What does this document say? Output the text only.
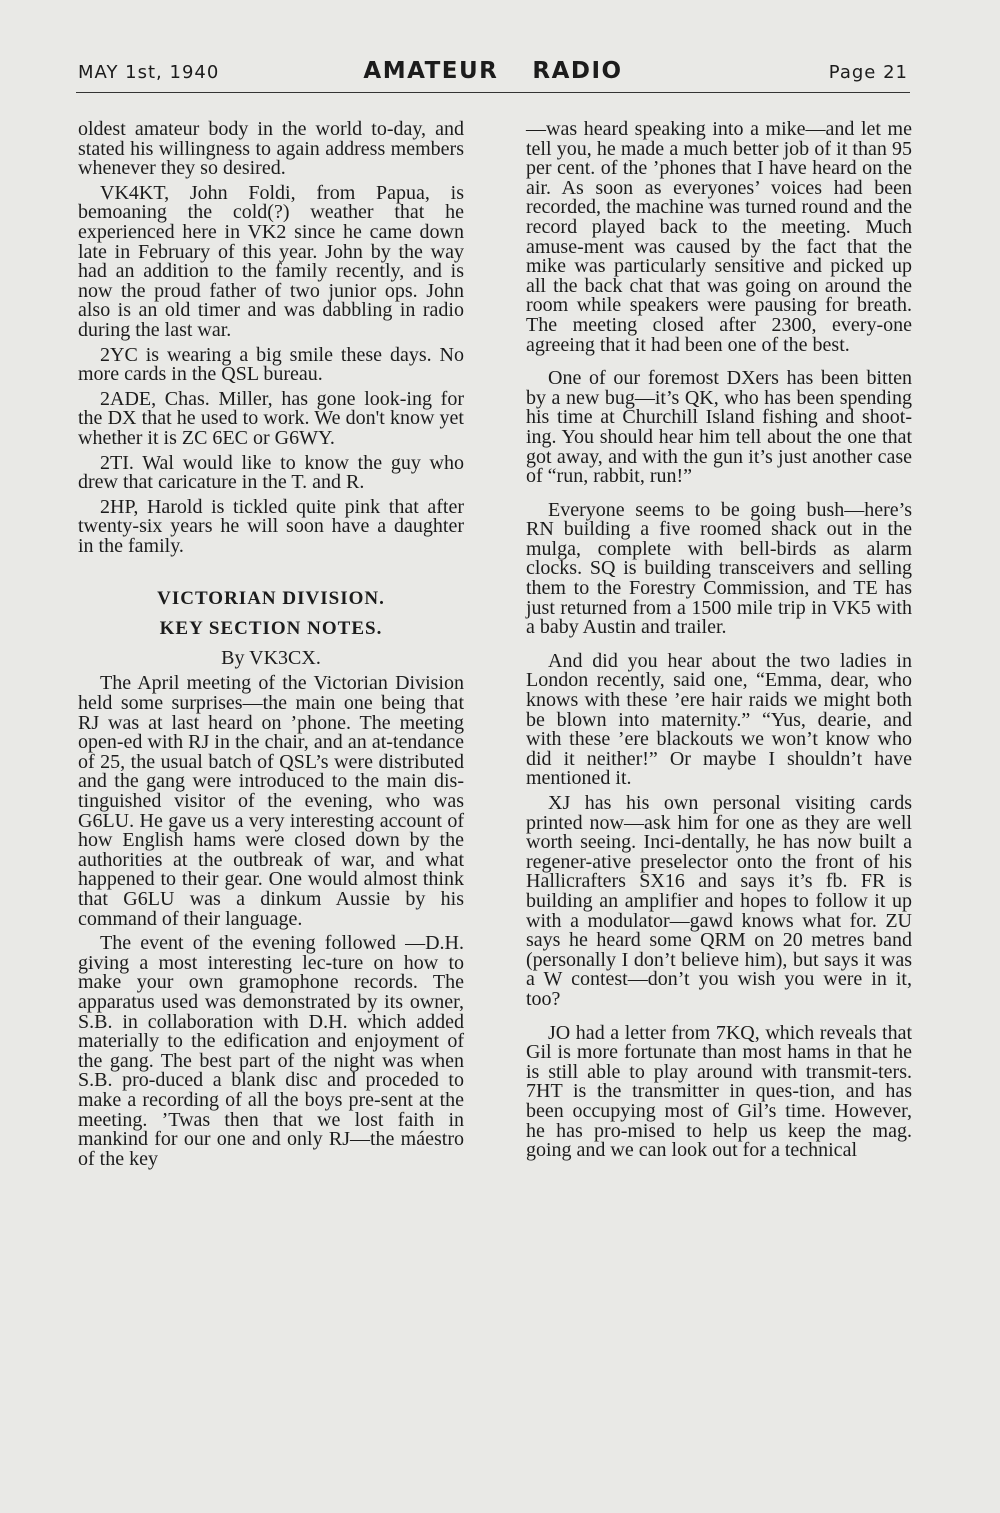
MAY 1st, 1940	AMATEUR RADIO	Page 21

oldest amateur body in the world to-day, and stated his willingness to again address members whenever they so desired.

VK4KT, John Foldi, from Papua, is bemoaning the cold(?) weather that he experienced here in VK2 since he came down late in February of this year. John by the way had an addition to the family recently, and is now the proud father of two junior ops. John also is an old timer and was dabbling in radio during the last war.

2YC is wearing a big smile these days. No more cards in the QSL bureau.

2ADE, Chas. Miller, has gone look-ing for the DX that he used to work. We don't know yet whether it is ZC 6EC or G6WY.

2TI. Wal would like to know the guy who drew that caricature in the T. and R.

2HP, Harold is tickled quite pink that after twenty-six years he will soon have a daughter in the family.

VICTORIAN DIVISION.
KEY SECTION NOTES.
By VK3CX.

The April meeting of the Victorian Division held some surprises—the main one being that RJ was at last heard on ’phone. The meeting open-ed with RJ in the chair, and an at-tendance of 25, the usual batch of QSL’s were distributed and the gang were introduced to the main dis-tinguished visitor of the evening, who was G6LU. He gave us a very interesting account of how English hams were closed down by the authorities at the outbreak of war, and what happened to their gear. One would almost think that G6LU was a dinkum Aussie by his command of their language.

The event of the evening followed —D.H. giving a most interesting lec-ture on how to make your own gramophone records. The apparatus used was demonstrated by its owner, S.B. in collaboration with D.H. which added materially to the edification and enjoyment of the gang. The best part of the night was when S.B. pro-duced a blank disc and proceded to make a recording of all the boys pre-sent at the meeting. ’Twas then that we lost faith in mankind for our one and only RJ—the máestro of the key

—was heard speaking into a mike—and let me tell you, he made a much better job of it than 95 per cent. of the ’phones that I have heard on the air. As soon as everyones’ voices had been recorded, the machine was turned round and the record played back to the meeting. Much amuse-ment was caused by the fact that the mike was particularly sensitive and picked up all the back chat that was going on around the room while speakers were pausing for breath. The meeting closed after 2300, every-one agreeing that it had been one of the best.

One of our foremost DXers has been bitten by a new bug—it’s QK, who has been spending his time at Churchill Island fishing and shoot-ing. You should hear him tell about the one that got away, and with the gun it’s just another case of “run, rabbit, run!”

Everyone seems to be going bush—here’s RN building a five roomed shack out in the mulga, complete with bell-birds as alarm clocks. SQ is building transceivers and selling them to the Forestry Commission, and TE has just returned from a 1500 mile trip in VK5 with a baby Austin and trailer.

And did you hear about the two ladies in London recently, said one, “Emma, dear, who knows with these ’ere hair raids we might both be blown into maternity.” “Yus, dearie, and with these ’ere blackouts we won’t know who did it neither!” Or maybe I shouldn’t have mentioned it.

XJ has his own personal visiting cards printed now—ask him for one as they are well worth seeing. Inci-dentally, he has now built a regener-ative preselector onto the front of his Hallicrafters SX16 and says it’s fb. FR is building an amplifier and hopes to follow it up with a modulator—gawd knows what for. ZU says he heard some QRM on 20 metres band (personally I don’t believe him), but says it was a W contest—don’t you wish you were in it, too?

JO had a letter from 7KQ, which reveals that Gil is more fortunate than most hams in that he is still able to play around with transmit-ters. 7HT is the transmitter in ques-tion, and has been occupying most of Gil’s time. However, he has pro-mised to help us keep the mag. going and we can look out for a technical
